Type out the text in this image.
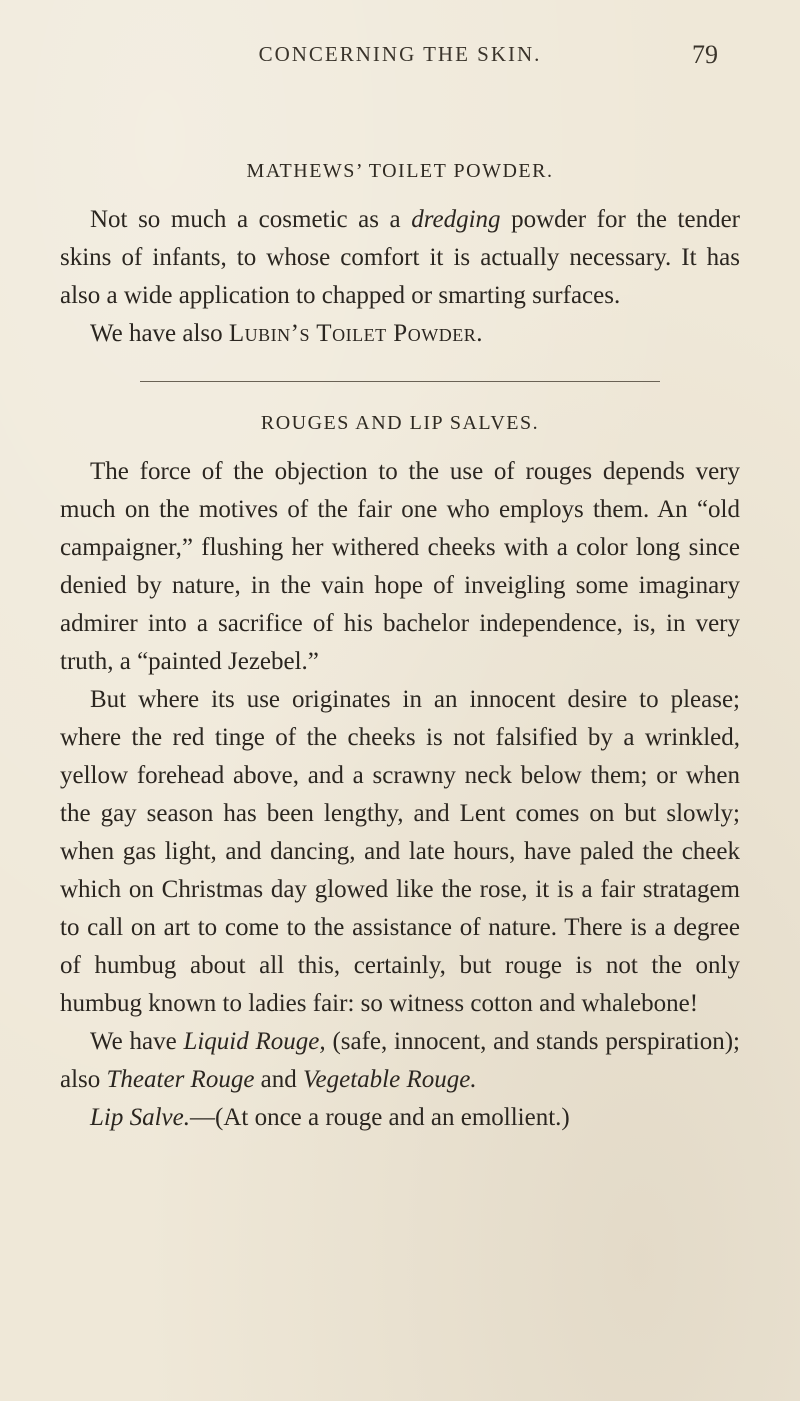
CONCERNING THE SKIN.	79
MATHEWS’ TOILET POWDER.

Not so much a cosmetic as a dredging powder for the tender skins of infants, to whose comfort it is actually necessary. It has also a wide application to chapped or smarting surfaces.

We have also Lubin’s Toilet Powder.

ROUGES AND LIP SALVES.

The force of the objection to the use of rouges depends very much on the motives of the fair one who employs them. An “old campaigner,” flushing her withered cheeks with a color long since denied by nature, in the vain hope of inveigling some imaginary admirer into a sacrifice of his bachelor independence, is, in very truth, a “painted Jezebel.”

But where its use originates in an innocent desire to please; where the red tinge of the cheeks is not falsified by a wrinkled, yellow forehead above, and a scrawny neck below them; or when the gay season has been lengthy, and Lent comes on but slowly; when gas light, and dancing, and late hours, have paled the cheek which on Christmas day glowed like the rose, it is a fair stratagem to call on art to come to the assistance of nature. There is a degree of humbug about all this, certainly, but rouge is not the only humbug known to ladies fair: so witness cotton and whalebone!

We have Liquid Rouge, (safe, innocent, and stands perspiration); also Theater Rouge and Vegetable Rouge.

Lip Salve.—(At once a rouge and an emollient.)
